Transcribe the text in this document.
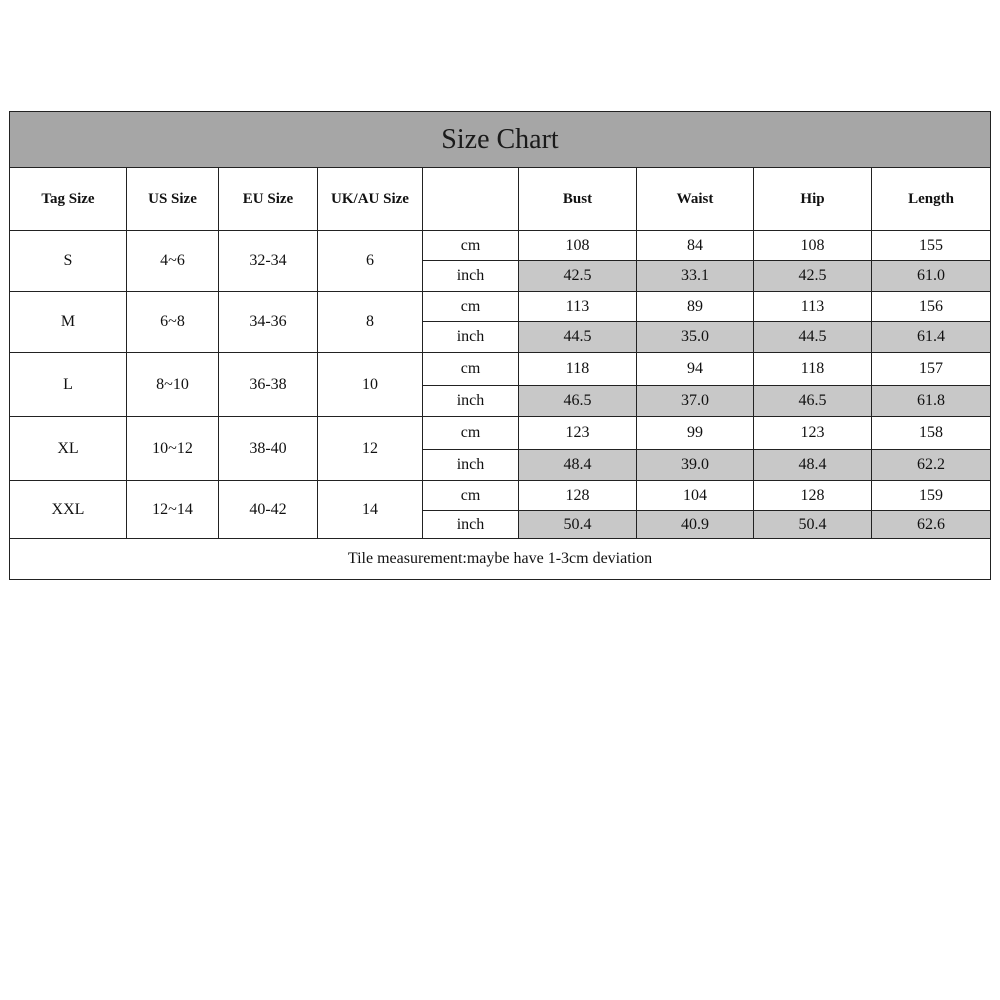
Size Chart								
Tag Size	US Size	EU Size	UK/AU Size		Bust	Waist	Hip	Length
S	4~6	32-34	6	cm	108	84	108	155
				inch	42.5	33.1	42.5	61.0
M	6~8	34-36	8	cm	113	89	113	156
				inch	44.5	35.0	44.5	61.4
L	8~10	36-38	10	cm	118	94	118	157
				inch	46.5	37.0	46.5	61.8
XL	10~12	38-40	12	cm	123	99	123	158
				inch	48.4	39.0	48.4	62.2
XXL	12~14	40-42	14	cm	128	104	128	159
				inch	50.4	40.9	50.4	62.6
Tile measurement:maybe have 1-3cm deviation								
